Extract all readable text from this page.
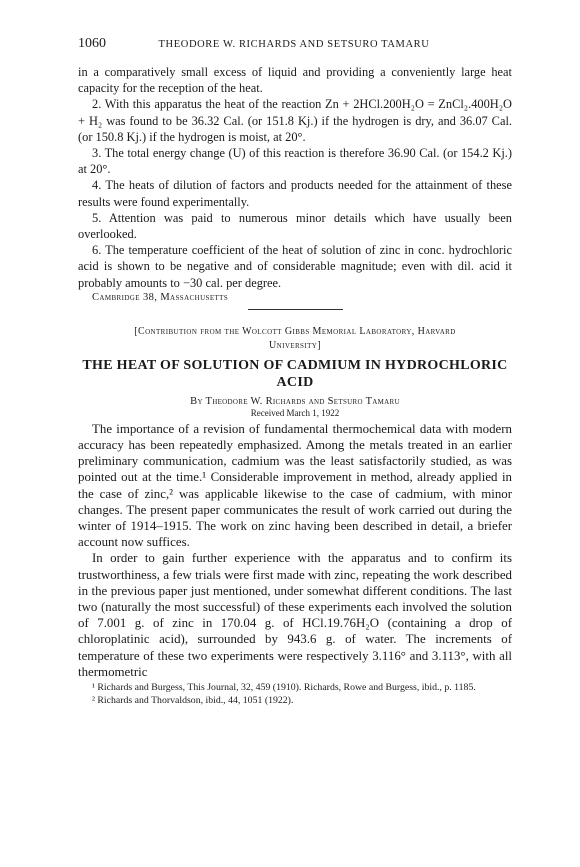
1060	THEODORE W. RICHARDS AND SETSURO TAMARU

in a comparatively small excess of liquid and providing a conveniently large heat capacity for the reception of the heat.

2. With this apparatus the heat of the reaction Zn + 2HCl.200H₂O = ZnCl₂.400H₂O + H₂ was found to be 36.32 Cal. (or 151.8 Kj.) if the hydrogen is dry, and 36.07 Cal. (or 150.8 Kj.) if the hydrogen is moist, at 20°.

3. The total energy change (U) of this reaction is therefore 36.90 Cal. (or 154.2 Kj.) at 20°.

4. The heats of dilution of factors and products needed for the attainment of these results were found experimentally.

5. Attention was paid to numerous minor details which have usually been overlooked.

6. The temperature coefficient of the heat of solution of zinc in conc. hydrochloric acid is shown to be negative and of considerable magnitude; even with dil. acid it probably amounts to −30 cal. per degree.

Cambridge 38, Massachusetts

[Contribution from the Wolcott Gibbs Memorial Laboratory, Harvard
University]
THE HEAT OF SOLUTION OF CADMIUM IN HYDROCHLORIC
ACID
By Theodore W. Richards and Setsuro Tamaru
Received March 1, 1922

The importance of a revision of fundamental thermochemical data with modern accuracy has been repeatedly emphasized. Among the metals treated in an earlier preliminary communication, cadmium was the least satisfactorily studied, as was pointed out at the time.¹ Considerable improvement in method, already applied in the case of zinc,² was applicable likewise to the case of cadmium, with minor changes. The present paper communicates the result of work carried out during the winter of 1914–1915. The work on zinc having been described in detail, a briefer account now suffices.

In order to gain further experience with the apparatus and to confirm its trustworthiness, a few trials were first made with zinc, repeating the work described in the previous paper just mentioned, under somewhat different conditions. The last two (naturally the most successful) of these experiments each involved the solution of 7.001 g. of zinc in 170.04 g. of HCl.19.76H₂O (containing a drop of chloroplatinic acid), surrounded by 943.6 g. of water. The increments of temperature of these two experiments were respectively 3.116° and 3.113°, with all thermometric

¹ Richards and Burgess, This Journal, 32, 459 (1910). Richards, Rowe and Burgess, ibid., p. 1185.

² Richards and Thorvaldson, ibid., 44, 1051 (1922).
